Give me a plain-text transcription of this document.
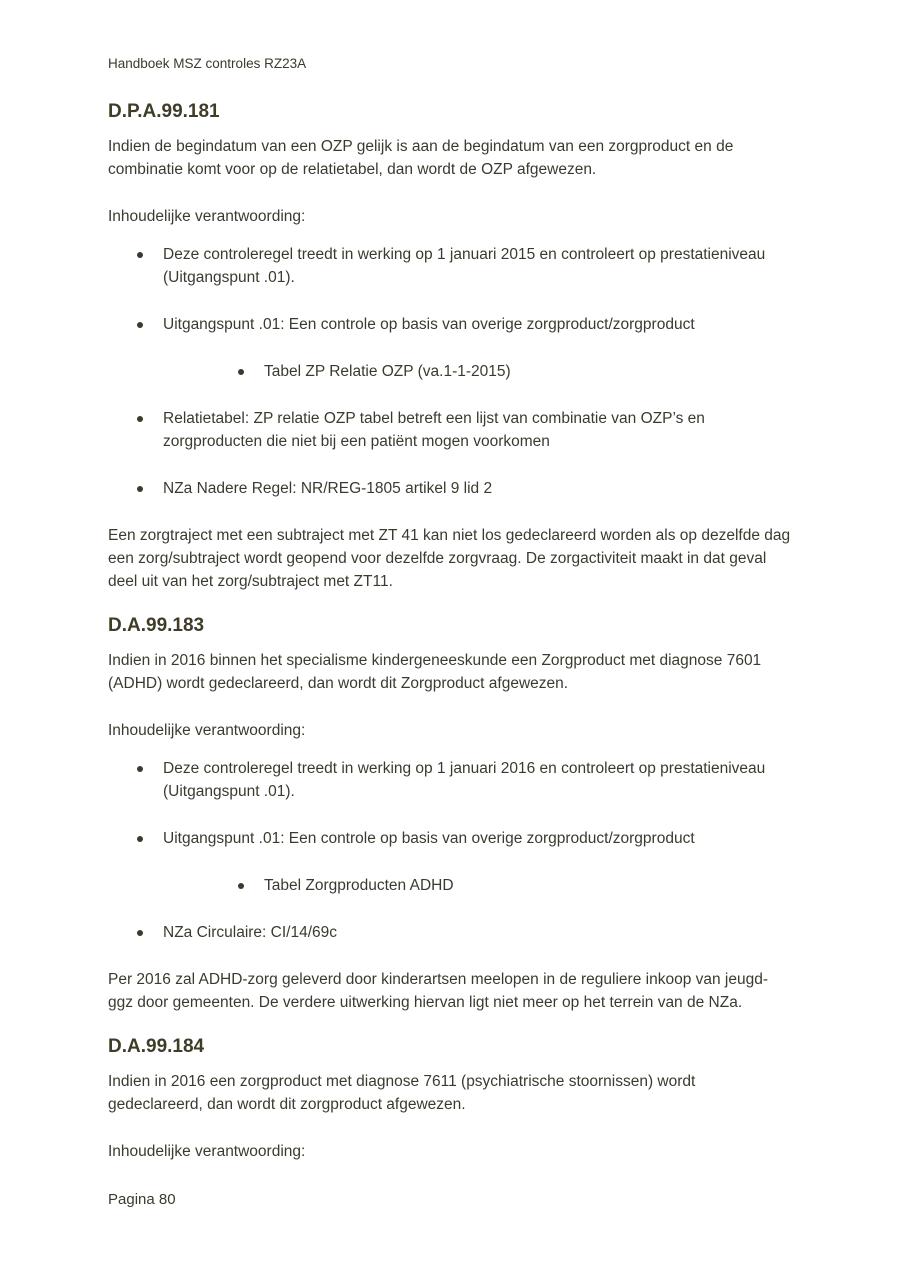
Handboek MSZ controles RZ23A

D.P.A.99.181

Indien de begindatum van een OZP gelijk is aan de begindatum van een zorgproduct en de combinatie komt voor op de relatietabel, dan wordt de OZP afgewezen.

Inhoudelijke verantwoording:

Deze controleregel treedt in werking op 1 januari 2015 en controleert op prestatieniveau (Uitgangspunt .01).
Uitgangspunt .01: Een controle op basis van overige zorgproduct/zorgproduct
Tabel ZP Relatie OZP (va.1-1-2015)
Relatietabel: ZP relatie OZP tabel betreft een lijst van combinatie van OZP’s en zorgproducten die niet bij een patiënt mogen voorkomen
NZa Nadere Regel: NR/REG-1805 artikel 9 lid 2

Een zorgtraject met een subtraject met ZT 41 kan niet los gedeclareerd worden als op dezelfde dag een zorg/subtraject wordt geopend voor dezelfde zorgvraag. De zorgactiviteit maakt in dat geval deel uit van het zorg/subtraject met ZT11.

D.A.99.183

Indien in 2016 binnen het specialisme kindergeneeskunde een Zorgproduct met diagnose 7601 (ADHD) wordt gedeclareerd, dan wordt dit Zorgproduct afgewezen.

Inhoudelijke verantwoording:

Deze controleregel treedt in werking op 1 januari 2016 en controleert op prestatieniveau (Uitgangspunt .01).
Uitgangspunt .01: Een controle op basis van overige zorgproduct/zorgproduct
Tabel Zorgproducten ADHD
NZa Circulaire: CI/14/69c

Per 2016 zal ADHD-zorg geleverd door kinderartsen meelopen in de reguliere inkoop van jeugd-ggz door gemeenten. De verdere uitwerking hiervan ligt niet meer op het terrein van de NZa.

D.A.99.184

Indien in 2016 een zorgproduct met diagnose 7611 (psychiatrische stoornissen) wordt gedeclareerd, dan wordt dit zorgproduct afgewezen.

Inhoudelijke verantwoording:

Pagina 80
